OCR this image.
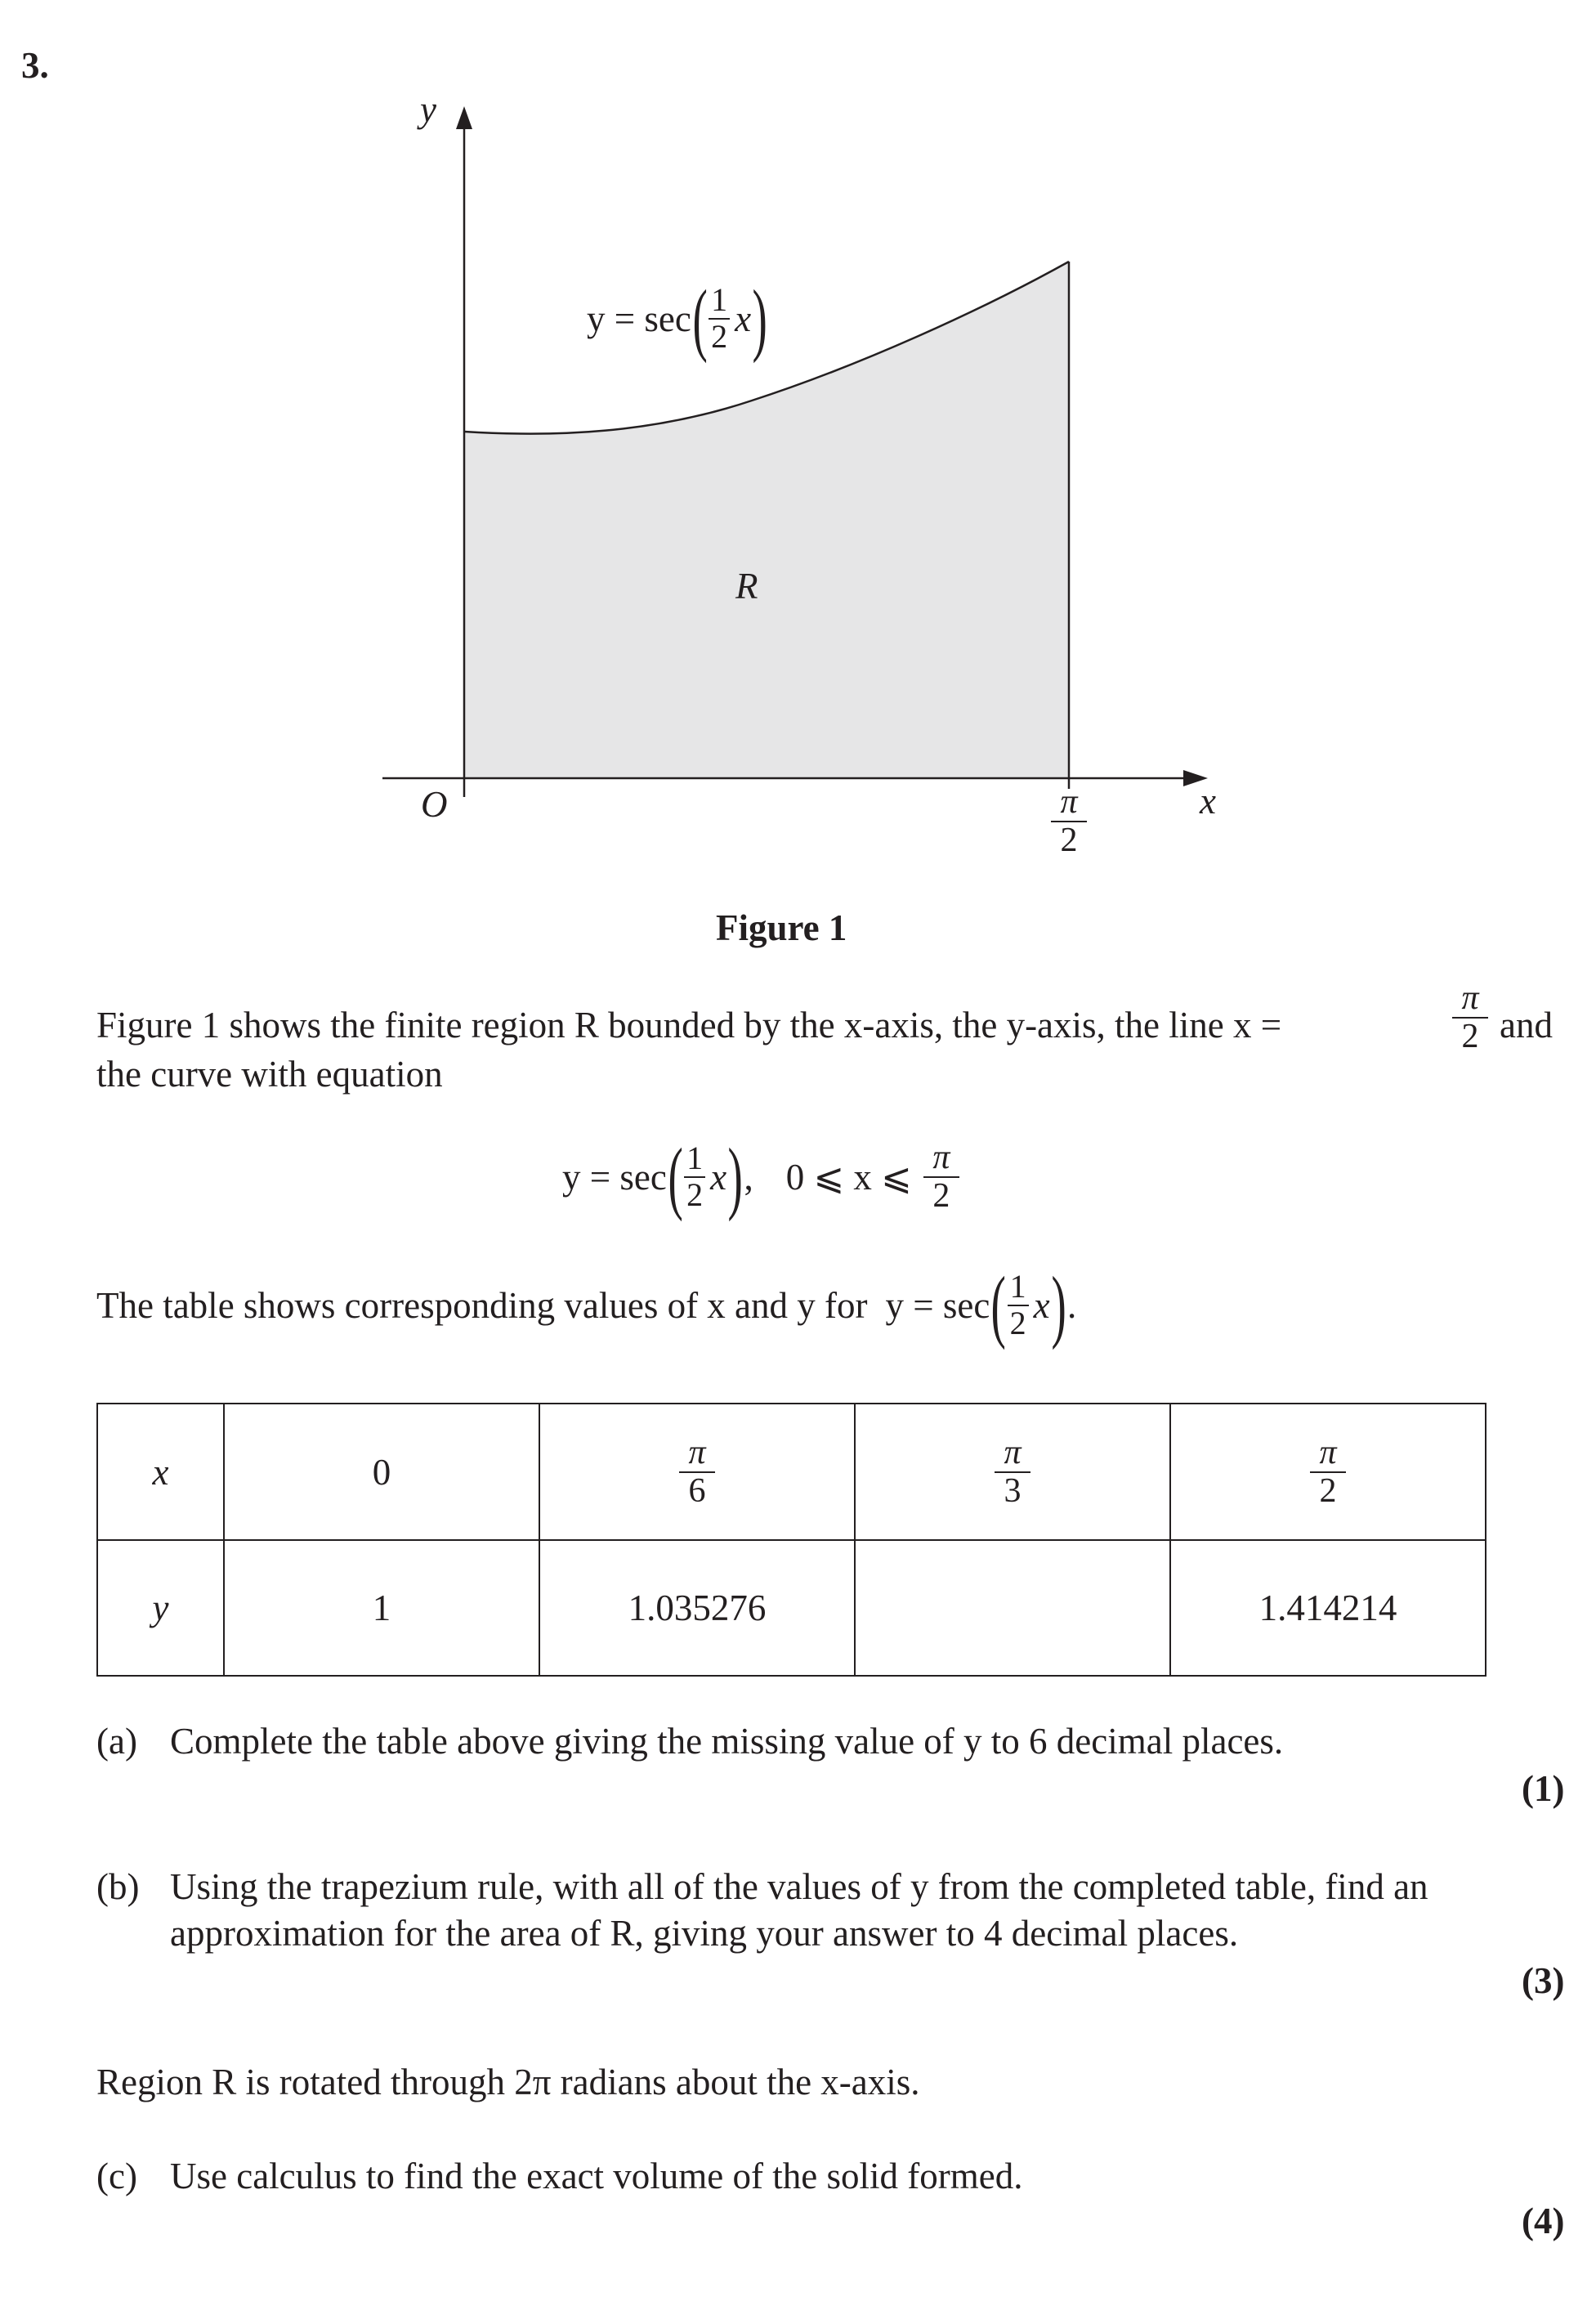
3.
y
x
O
R
y = sec ( $\frac{1}{2}$ x )
$\frac{\pi}{2}$
Figure 1
Figure 1 shows the finite region R bounded by the x-axis, the y-axis, the line x =	$\frac{\pi}{2}$ and
the curve with equation
y = sec ( $\frac{1}{2}$ x ) , 0 ⩽ x ⩽ $\frac{\pi}{2}$
The table shows corresponding values of x and y for y = sec ( $\frac{1}{2}$ x ) .
x	0	$\frac{\pi}{6}$	$\frac{\pi}{3}$	$\frac{\pi}{2}$

y	1	1.035276		1.414214
(a) Complete the table above giving the missing value of y to 6 decimal places.
(1)
(b) Using the trapezium rule, with all of the values of y from the completed table, find an
approximation for the area of R, giving your answer to 4 decimal places.
(3)
Region R is rotated through 2π radians about the x-axis.
(c) Use calculus to find the exact volume of the solid formed.
(4)
